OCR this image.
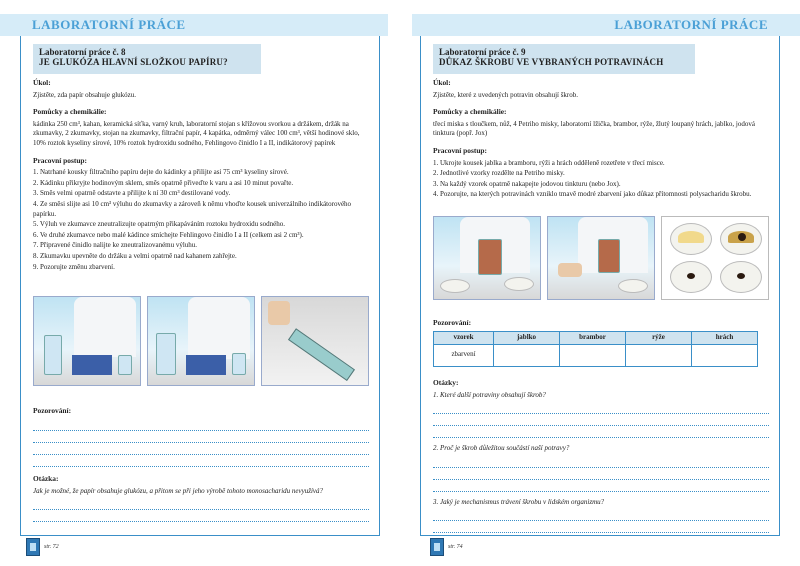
LABORATORNÍ PRÁCE
Laboratorní práce č. 8
JE GLUKÓZA HLAVNÍ SLOŽKOU PAPÍRU?
Úkol:
Zjistěte, zda papír obsahuje glukózu.
Pomůcky a chemikálie:
kádinka 250 cm³, kahan, keramická síťka, varný kruh, laboratorní stojan s křížovou svorkou a držákem, držák na zkumavky, 2 zkumavky, stojan na zkumavky, filtrační papír, 4 kapátka, odměrný válec 100 cm³, větší hodinové sklo, 10% roztok kyseliny sírové, 10% roztok hydroxidu sodného, Fehlingovo činidlo I a II, indikátorový papírek
Pracovní postup:
1. Natrhané kousky filtračního papíru dejte do kádinky a přilijte asi 75 cm³ kyseliny sírové.
2. Kádinku přikryjte hodinovým sklem, směs opatrně přiveďte k varu a asi 10 minut povařte.
3. Směs velmi opatrně odstavte a přilijte k ní 30 cm³ destilované vody.
4. Ze směsi slijte asi 10 cm³ výluhu do zkumavky a zároveň k němu vhoďte kousek univerzálního indikátorového papírku.
5. Výluh ve zkumavce zneutralizujte opatrným přikapáváním roztoku hydroxidu sodného.
6. Ve druhé zkumavce nebo malé kádince smíchejte Fehlingovo činidlo I a II (celkem asi 2 cm³).
7. Připravené činidlo nalijte ke zneutralizovanému výluhu.
8. Zkumavku upevněte do držáku a velmi opatrně nad kahanem zahřejte.
9. Pozorujte změnu zbarvení.
Pozorování:
Otázka:
Jak je možné, že papír obsahuje glukózu, a přitom se při jeho výrobě tohoto monosacharidu nevyužívá?
str. 72
LABORATORNÍ PRÁCE
Laboratorní práce č. 9
DŮKAZ ŠKROBU VE VYBRANÝCH POTRAVINÁCH
Úkol:
Zjistěte, které z uvedených potravin obsahují škrob.
Pomůcky a chemikálie:
třecí miska s tloučkem, nůž, 4 Petriho misky, laboratorní lžička, brambor, rýže, žlutý loupaný hrách, jablko, jodová tinktura (popř. Jox)
Pracovní postup:
1. Ukrojte kousek jablka a bramboru, rýži a hrách odděleně rozetřete v třecí misce.
2. Jednotlivé vzorky rozdělte na Petriho misky.
3. Na každý vzorek opatrně nakapejte jodovou tinkturu (nebo Jox).
4. Pozorujte, na kterých potravinách vzniklo tmavě modré zbarvení jako důkaz přítomnosti polysacharidu škrobu.
Pozorování:
vzorek	jablko	brambor	rýže	hrách
zbarvení				
Otázky:
1. Které další potraviny obsahují škrob?
2. Proč je škrob důležitou součástí naší potravy?
3. Jaký je mechanismus trávení škrobu v lidském organizmu?
str. 74
